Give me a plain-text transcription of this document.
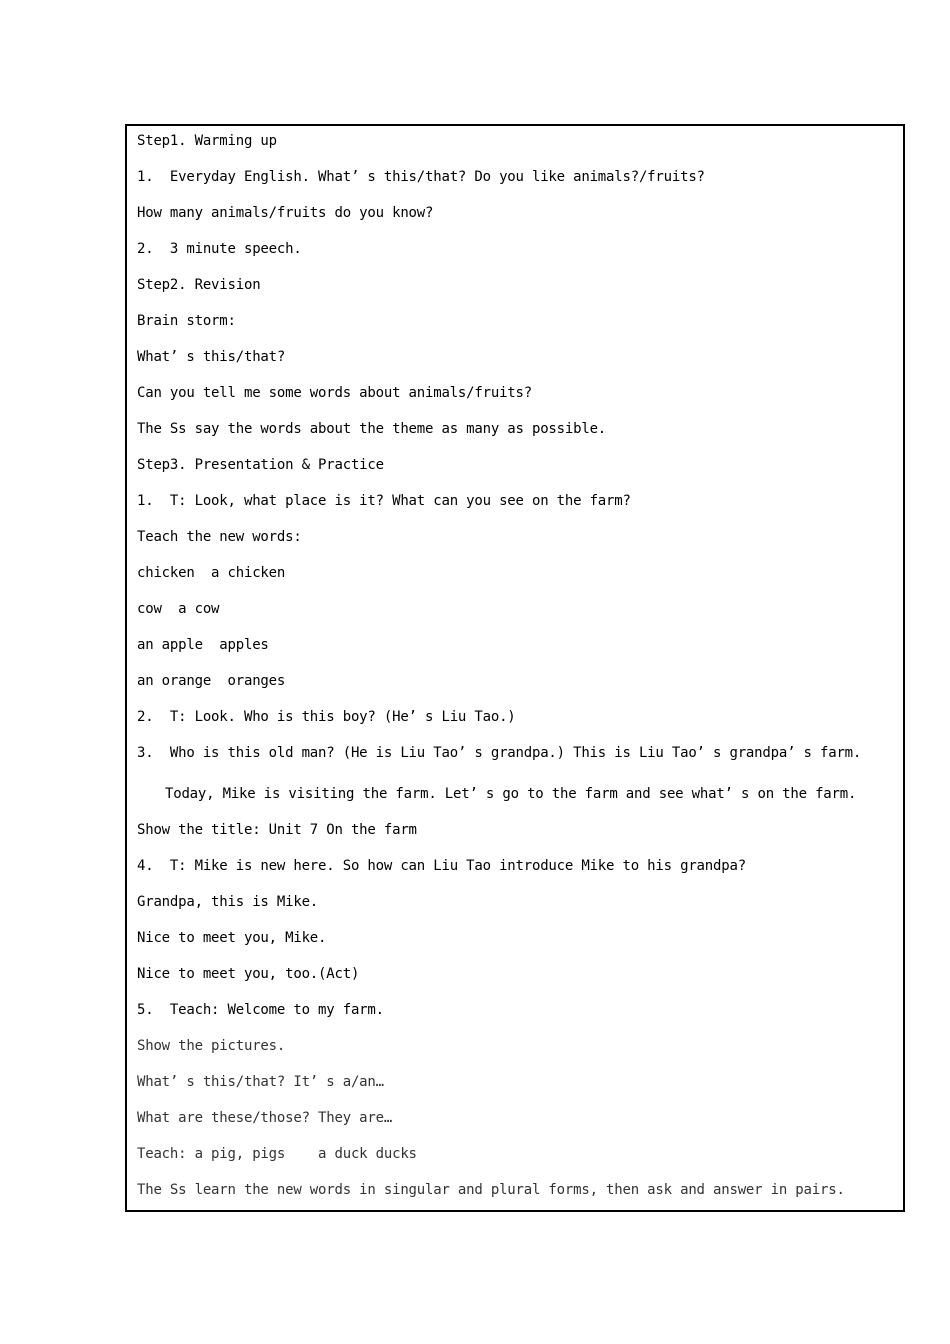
Step1. Warming up
1.  Everyday English. What’ s this/that? Do you like animals?/fruits?
How many animals/fruits do you know?
2.  3 minute speech.
Step2. Revision
Brain storm:
What’ s this/that?
Can you tell me some words about animals/fruits?
The Ss say the words about the theme as many as possible.
Step3. Presentation & Practice
1.  T: Look, what place is it? What can you see on the farm?
Teach the new words:
chicken  a chicken
cow  a cow
an apple  apples
an orange  oranges
2.  T: Look. Who is this boy? (He’ s Liu Tao.)
3.  Who is this old man? (He is Liu Tao’ s grandpa.) This is Liu Tao’ s grandpa’ s farm.
Today, Mike is visiting the farm. Let’ s go to the farm and see what’ s on the farm.
Show the title: Unit 7 On the farm
4.  T: Mike is new here. So how can Liu Tao introduce Mike to his grandpa?
Grandpa, this is Mike.
Nice to meet you, Mike.
Nice to meet you, too.(Act)
5.  Teach: Welcome to my farm.
Show the pictures.
What’ s this/that? It’ s a/an…
What are these/those? They are…
Teach: a pig, pigs    a duck ducks
The Ss learn the new words in singular and plural forms, then ask and answer in pairs.
